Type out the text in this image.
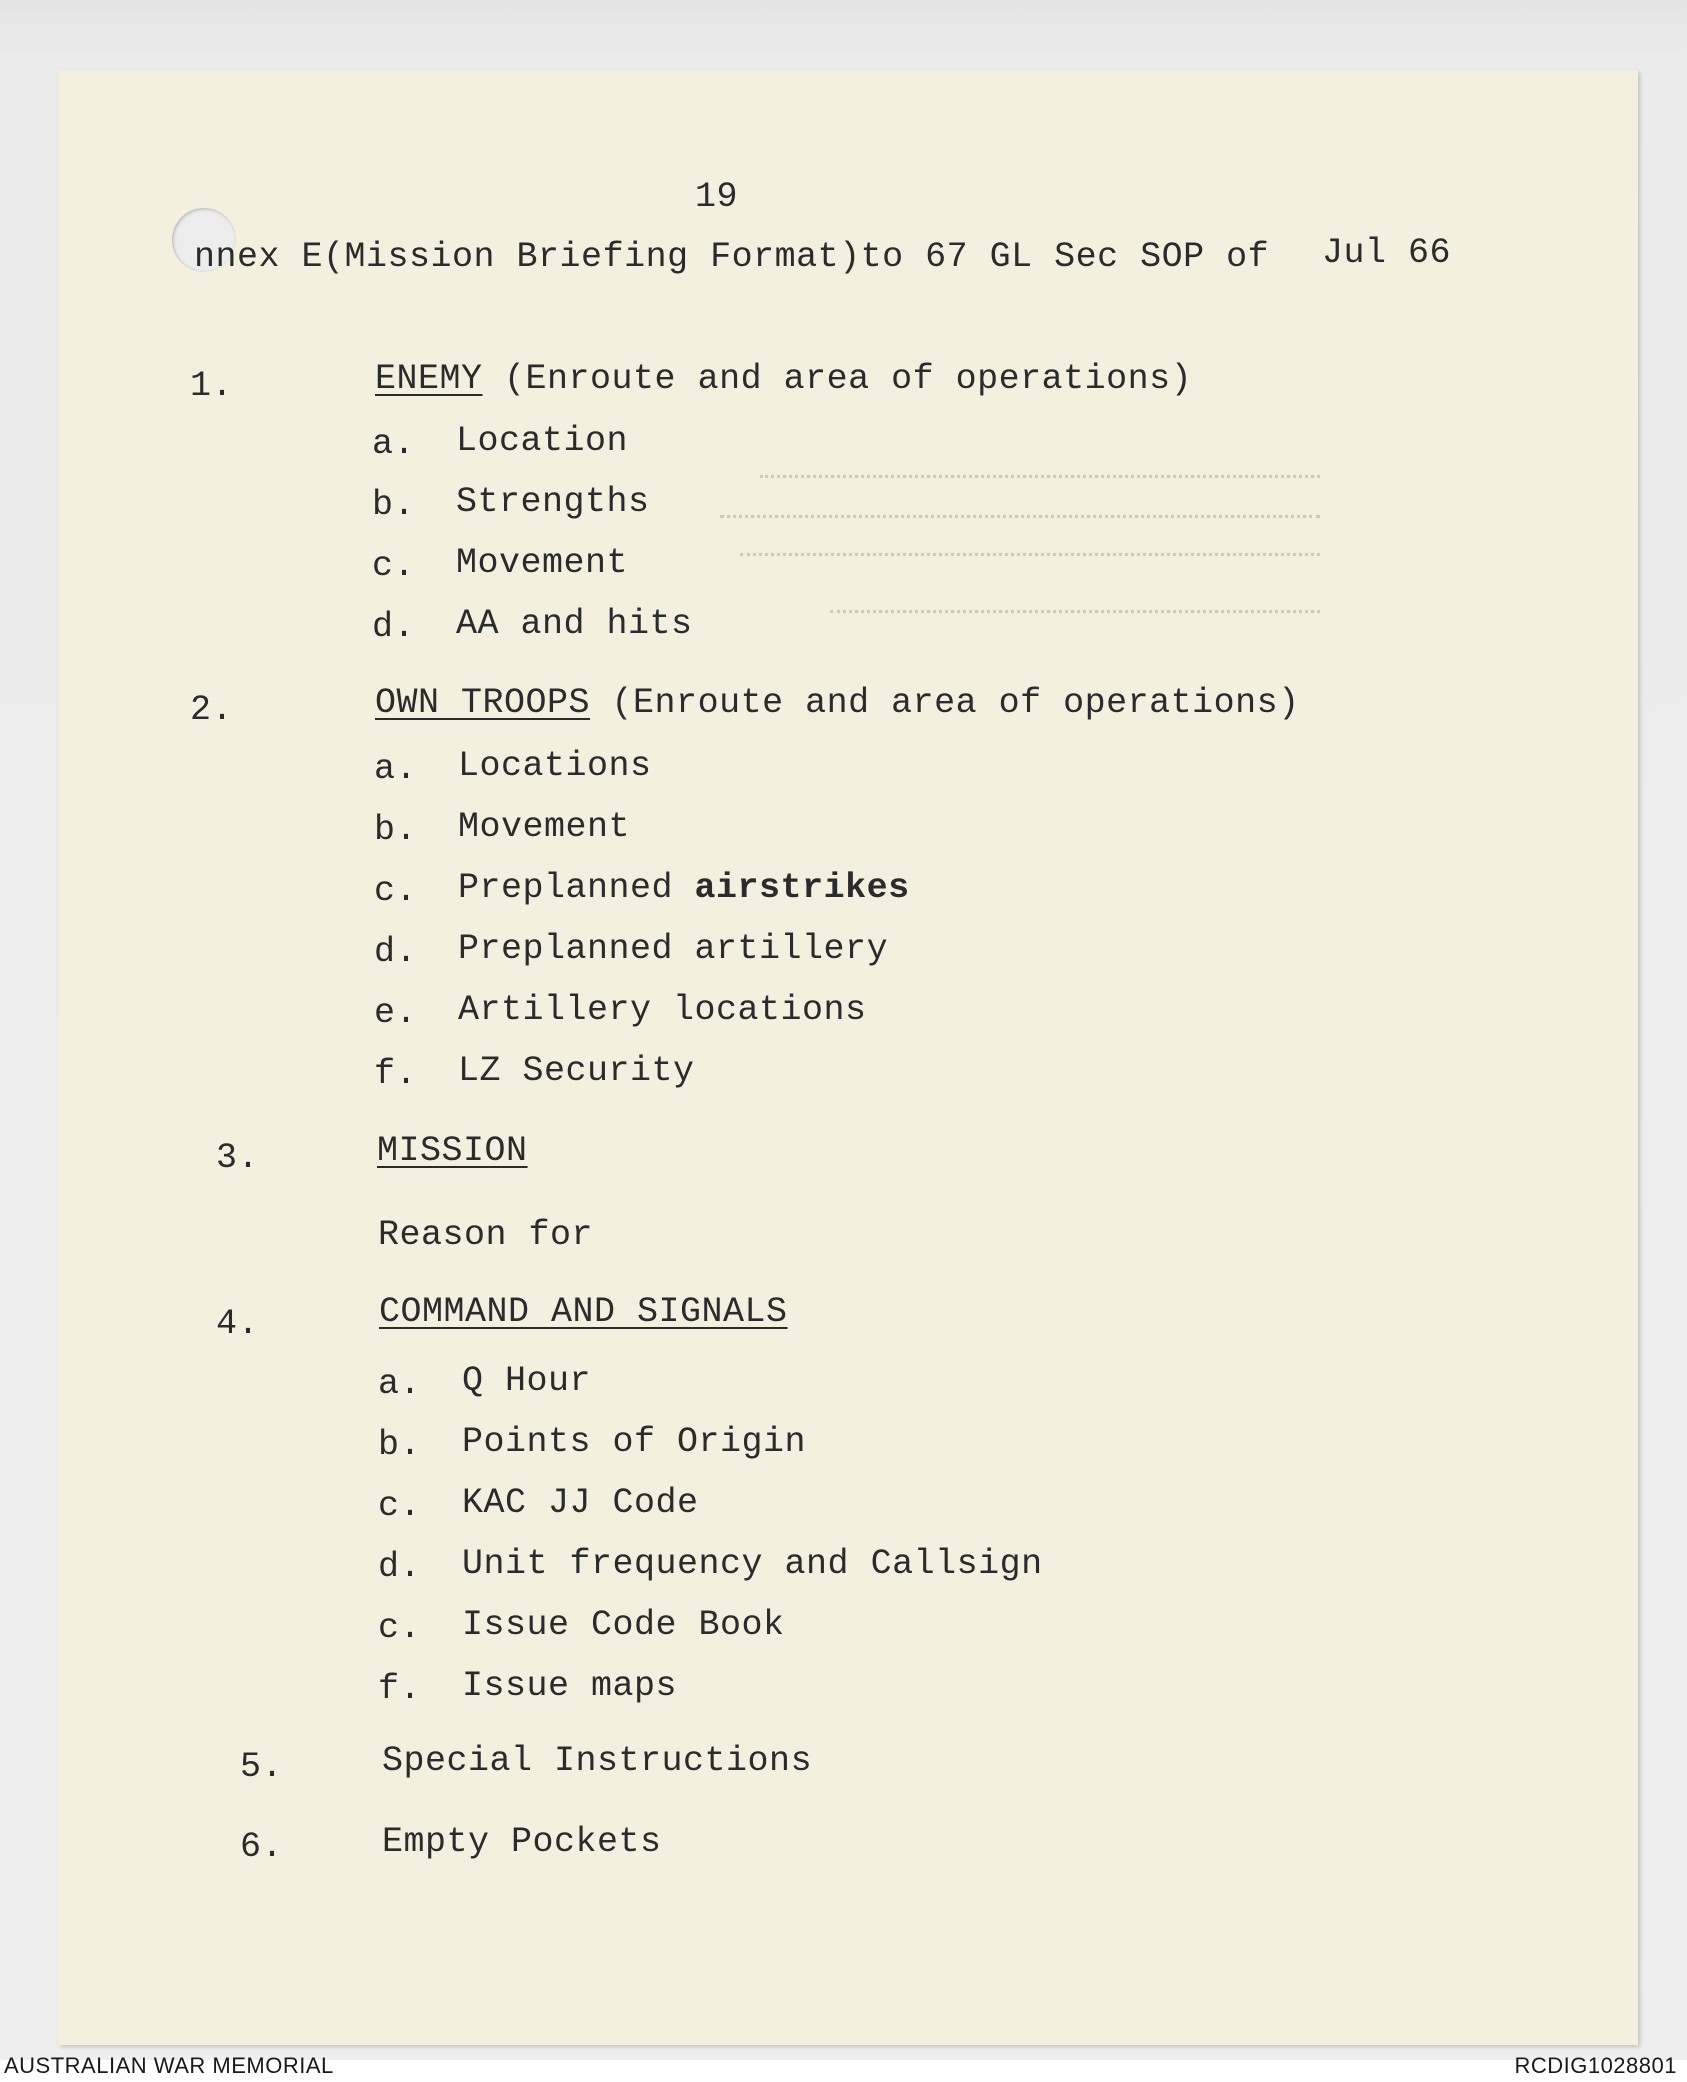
19
nnex E(Mission Briefing Format)to 67 GL Sec SOP of Jul 66
1.	ENEMY (Enroute and area of operations)
a. Location
b. Strengths
c. Movement
d. AA and hits
2.	OWN TROOPS (Enroute and area of operations)
a. Locations
b. Movement
c. Preplanned airstrikes
d. Preplanned artillery
e. Artillery locations
f. LZ Security
3.	MISSION
Reason for
4.	COMMAND AND SIGNALS
a. Q Hour
b. Points of Origin
c. KAC JJ Code
d. Unit frequency and Callsign
c. Issue Code Book
f. Issue maps
5.	Special Instructions
6.	Empty Pockets
AUSTRALIAN WAR MEMORIAL	RCDIG1028801
